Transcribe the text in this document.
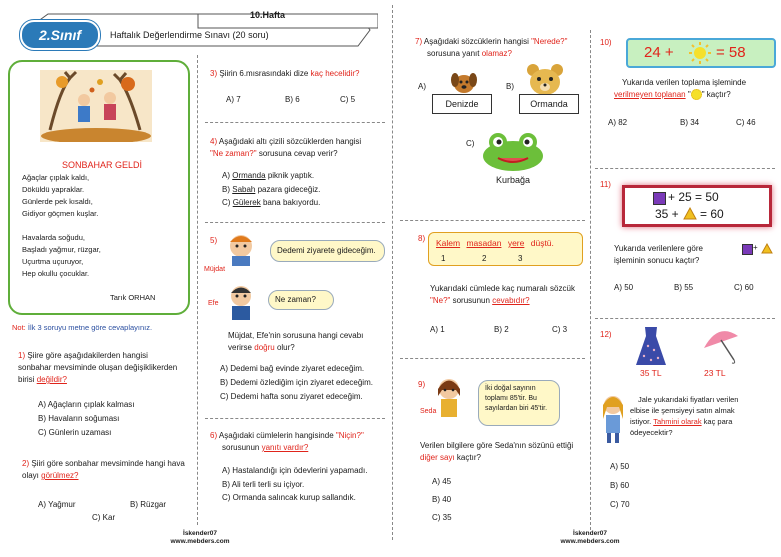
2.Sınıf
10.Hafta
Haftalık Değerlendirme Sınavı (20 soru)
SONBAHAR GELDİ
Ağaçlar çıplak kaldı,
Döküldü yapraklar.
Günlerde pek kısaldı,
Gidiyor göçmen kuşlar.
Havalarda soğudu,
Başladı yağmur, rüzgar,
Uçurtma uçuruyor,
Hep okullu çocuklar.
Tarık ORHAN
Not: İlk 3 soruyu metne göre cevaplayınız.
1) Şiire göre aşağıdakilerden hangisi
sonbahar mevsiminde oluşan değişiklikerden
birisi değildir?
A) Ağaçların çıplak kalması
B) Havaların soğuması
C) Günlerin uzaması
2) Şiiri göre sonbahar mevsiminde hangi hava
olayı görülmez?
A) Yağmur	B) Rüzgar
C) Kar
3) Şiirin 6.mısrasındaki dize kaç hecelidir?
A) 7	B) 6	C) 5
4) Aşağıdaki altı çizili sözcüklerden hangisi
"Ne zaman?" sorusuna cevap verir?
A) Ormanda piknik yaptık.
B) Sabah pazara gideceğiz.
C) Gülerek bana bakıyordu.
5)
Müjdat
Dedemi ziyarete gideceğim.
Efe	Ne zaman?
Müjdat, Efe'nin sorusuna hangi cevabı
verirse doğru olur?
A) Dedemi bağ evinde ziyaret edeceğim.
B) Dedemi özlediğim için ziyaret edeceğim.
C) Dedemi hafta sonu ziyaret edeceğim.
6) Aşağıdaki cümlelerin hangisinde "Niçin?"
sorusunun yanıtı vardır?
A) Hastalandığı için ödevlerini yapamadı.
B) Ali terli terli su içiyor.
C) Ormanda salıncak kurup sallandık.
İskender07
www.mebders.com
7) Aşağıdaki sözcüklerin hangisi "Nerede?"
sorusuna yanıt olamaz?
A)
Denizde
B)
Ormanda
C)
Kurbağa
8) Kalem masadan yere düştü.
1	2	3
Yukarıdaki cümlede kaç numaralı sözcük
"Ne?" sorusunun cevabıdır?
A) 1	B) 2	C) 3
9)
Seda
İki doğal sayının toplamı 85'tir. Bu sayılardan biri 45'tir.
Verilen bilgilere göre Seda'nın sözünü ettiği
diğer sayı kaçtır?
A) 45
B) 40
C) 35
10)
24 +	= 58
Yukarıda verilen toplama işleminde
verilmeyen toplanan " " kaçtır?
A) 82	B) 34	C) 46
11)
+ 25 = 50
35 + = 60
Yukarıda verilenlere göre
işleminin sonucu kaçtır?
+
A) 50	B) 55	C) 60
12)
35 TL	23 TL
Jale yukarıdaki fiyatları verilen
elbise ile şemsiyeyi satın almak
istiyor. Tahmini olarak kaç para
ödeyecektir?
A) 50
B) 60
C) 70
İskender07
www.mebders.com
